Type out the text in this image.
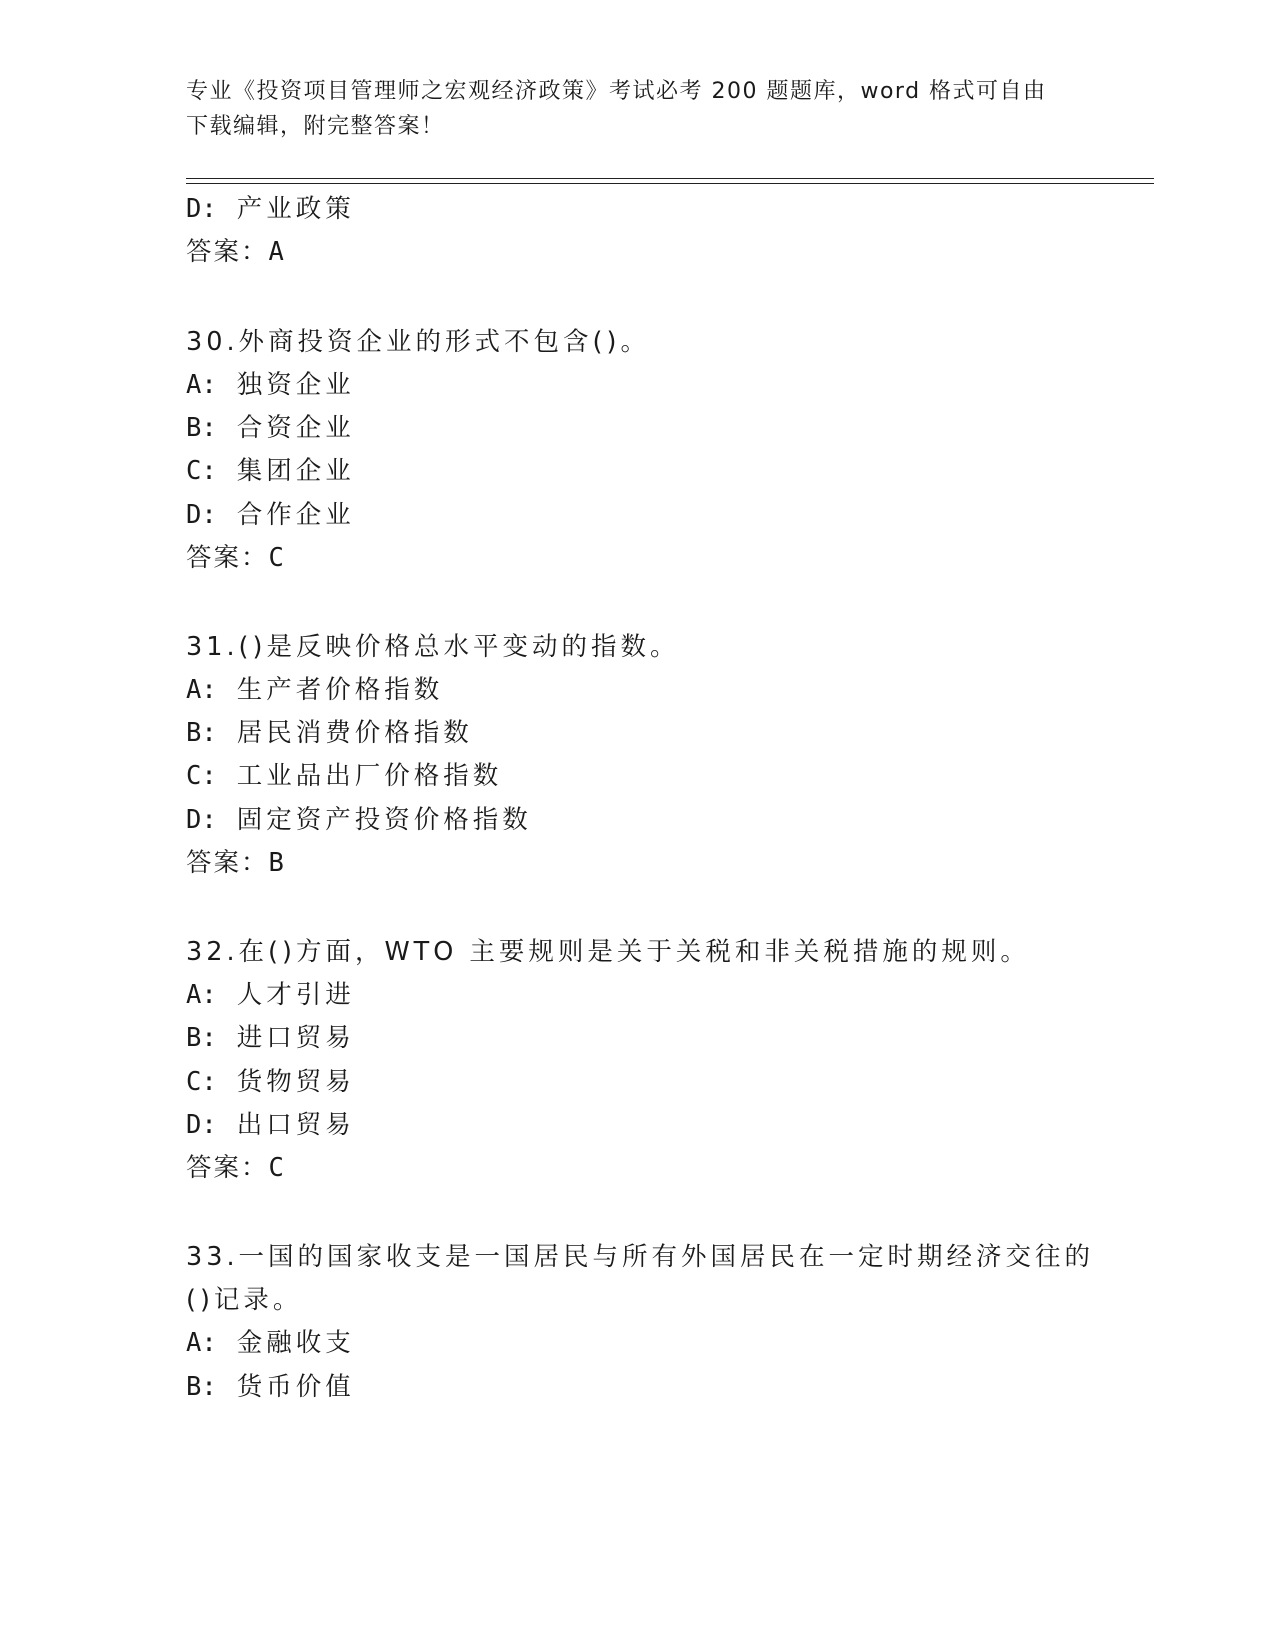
专业《投资项目管理师之宏观经济政策》考试必考 200 题题库，word 格式可自由
下载编辑，附完整答案！
D: 产业政策
答案：A
30.外商投资企业的形式不包含()。
A: 独资企业
B: 合资企业
C: 集团企业
D: 合作企业
答案：C
31.()是反映价格总水平变动的指数。
A: 生产者价格指数
B: 居民消费价格指数
C: 工业品出厂价格指数
D: 固定资产投资价格指数
答案：B
32.在()方面，WTO 主要规则是关于关税和非关税措施的规则。
A: 人才引进
B: 进口贸易
C: 货物贸易
D: 出口贸易
答案：C
33.一国的国家收支是一国居民与所有外国居民在一定时期经济交往的
()记录。
A: 金融收支
B: 货币价值
